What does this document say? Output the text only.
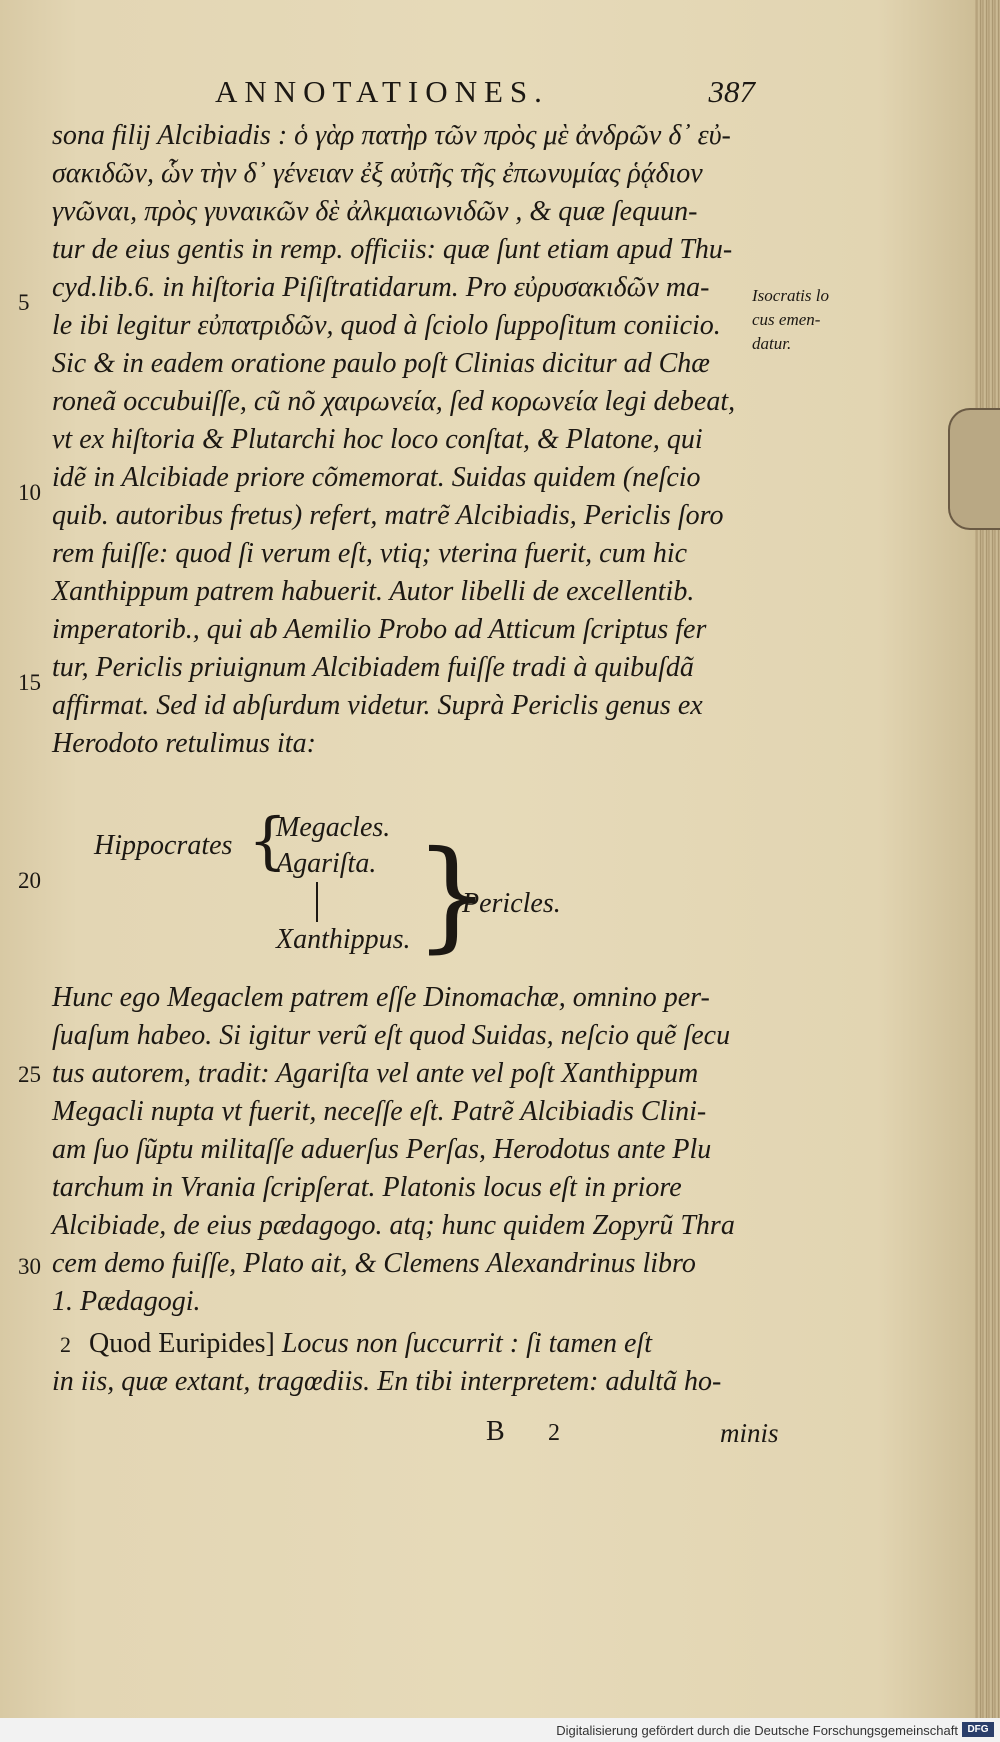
ANNOTATIONES.	387
sona filij Alcibiadis : ὁ γὰρ πατὴρ τῶν πρὸς μὲ ἀνδρῶν δ᾽ εὐ-
σακιδῶν, ὧν τὴν δ᾽ γένειαν ἐξ αὐτῆς τῆς ἐπωνυμίας ῥᾴδιον
γνῶναι, πρὸς γυναικῶν δὲ ἀλκμαιωνιδῶν , & quæ ſequun-
tur de eius gentis in remp. officiis: quæ ſunt etiam apud Thu-
cyd.lib.6. in hiſtoria Piſiſtratidarum. Pro εὐρυσακιδῶν ma-
le ibi legitur εὐπατριδῶν, quod à ſciolo ſuppoſitum coniicio.
Sic & in eadem oratione paulo poſt Clinias dicitur ad Chæ
roneã occubuiſſe, cũ nõ χαιρωνεία, ſed κορωνεία legi debeat,
vt ex hiſtoria & Plutarchi hoc loco conſtat, & Platone, qui
idẽ in Alcibiade priore cõmemorat. Suidas quidem (neſcio
quib. autoribus fretus) refert, matrẽ Alcibiadis, Periclis ſoro
rem fuiſſe: quod ſi verum eſt, vtiq; vterina fuerit, cum hic
Xanthippum patrem habuerit. Autor libelli de excellentib.
imperatorib., qui ab Aemilio Probo ad Atticum ſcriptus fer
tur, Periclis priuignum Alcibiadem fuiſſe tradi à quibuſdã
affirmat. Sed id abſurdum videtur. Suprà Periclis genus ex
Herodoto retulimus ita:
Isocratis lo
cus emen-
datur.
5
10
15
20
25
30
Hippocrates {
Megacles.
Agariſta.
Xanthippus. }
Pericles.
Hunc ego Megaclem patrem eſſe Dinomachæ, omnino per-
ſuaſum habeo. Si igitur verũ eſt quod Suidas, neſcio quẽ ſecu
tus autorem, tradit: Agariſta vel ante vel poſt Xanthippum
Megacli nupta vt fuerit, neceſſe eſt. Patrẽ Alcibiadis Clini-
am ſuo ſũptu militaſſe aduerſus Perſas, Herodotus ante Plu
tarchum in Vrania ſcripſerat. Platonis locus eſt in priore
Alcibiade, de eius pædagogo. atq; hunc quidem Zopyrũ Thra
cem demo fuiſſe, Plato ait, & Clemens Alexandrinus libro
1. Pædagogi.
2 Quod Euripides] Locus non ſuccurrit : ſi tamen eſt
in iis, quæ extant, tragœdiis. En tibi interpretem: adultã ho-
B 2	minis
Digitalisierung gefördert durch die Deutsche Forschungsgemeinschaft DFG
